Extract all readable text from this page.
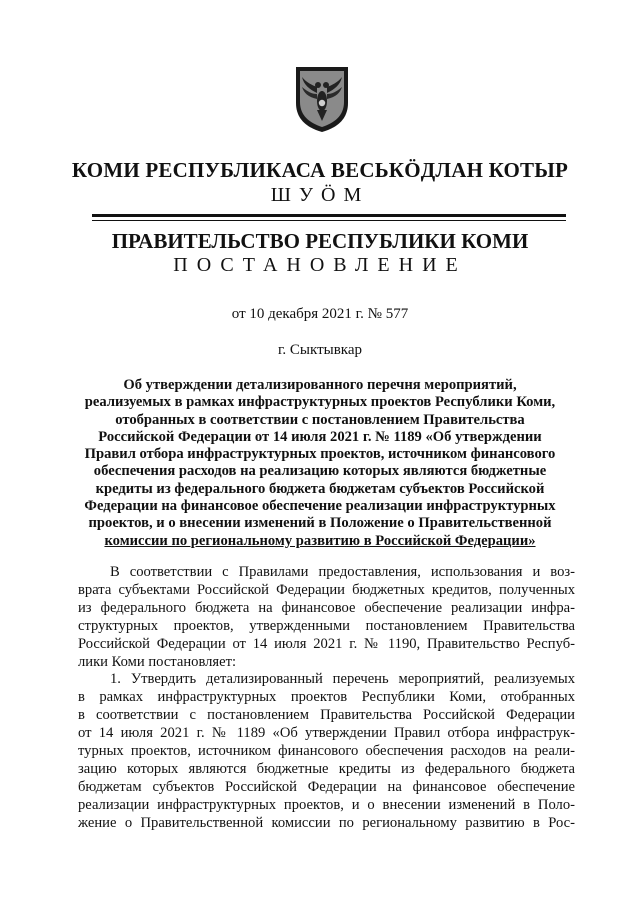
КОМИ РЕСПУБЛИКАСА ВЕСЬКӦДЛАН КОТЫР
ШУӦМ
ПРАВИТЕЛЬСТВО РЕСПУБЛИКИ КОМИ
ПОСТАНОВЛЕНИЕ
от 10 декабря 2021 г. № 577
г. Сыктывкар
Об утверждении детализированного перечня мероприятий,
реализуемых в рамках инфраструктурных проектов Республики Коми,
отобранных в соответствии с постановлением Правительства
Российской Федерации от 14 июля 2021 г. № 1189 «Об утверждении
Правил отбора инфраструктурных проектов, источником финансового
обеспечения расходов на реализацию которых являются бюджетные
кредиты из федерального бюджета бюджетам субъектов Российской
Федерации на финансовое обеспечение реализации инфраструктурных
проектов, и о внесении изменений в Положение о Правительственной
комиссии по региональному развитию в Российской Федерации»
В соответствии с Правилами предоставления, использования и воз-
врата субъектами Российской Федерации бюджетных кредитов, полученных
из федерального бюджета на финансовое обеспечение реализации инфра-
структурных проектов, утвержденными постановлением Правительства
Российской Федерации от 14 июля 2021 г. № 1190, Правительство Респуб-
лики Коми постановляет:
1. Утвердить детализированный перечень мероприятий, реализуемых
в рамках инфраструктурных проектов Республики Коми, отобранных
в соответствии с постановлением Правительства Российской Федерации
от 14 июля 2021 г. № 1189 «Об утверждении Правил отбора инфраструк-
турных проектов, источником финансового обеспечения расходов на реали-
зацию которых являются бюджетные кредиты из федерального бюджета
бюджетам субъектов Российской Федерации на финансовое обеспечение
реализации инфраструктурных проектов, и о внесении изменений в Поло-
жение о Правительственной комиссии по региональному развитию в Рос-
